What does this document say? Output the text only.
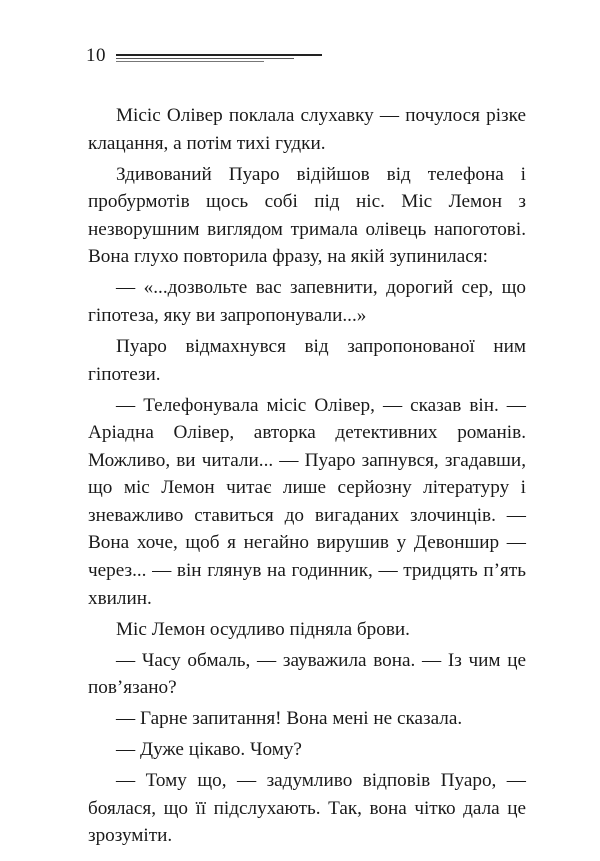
10

Місіс Олівер поклала слухавку — почулося різке клацання, а потім тихі гудки.

Здивований Пуаро відійшов від телефона і пробурмотів щось собі під ніс. Міс Лемон з незворушним виглядом тримала олівець напоготові. Вона глухо повторила фразу, на якій зупинилася:

— «...дозвольте вас запевнити, дорогий сер, що гіпотеза, яку ви запропонували...»

Пуаро відмахнувся від запропонованої ним гіпотези.

— Телефонувала місіс Олівер, — сказав він. — Аріадна Олівер, авторка детективних романів. Можливо, ви читали... — Пуаро запнувся, згадавши, що міс Лемон читає лише серйозну літературу і зневажливо ставиться до вигаданих злочинців. — Вона хоче, щоб я негайно вирушив у Девоншир — через... — він глянув на годинник, — тридцять п’ять хвилин.

Міс Лемон осудливо підняла брови.

— Часу обмаль, — зауважила вона. — Із чим це пов’язано?

— Гарне запитання! Вона мені не сказала.

— Дуже цікаво. Чому?

— Тому що, — задумливо відповів Пуаро, — боялася, що її підслухають. Так, вона чітко дала це зрозуміти.
